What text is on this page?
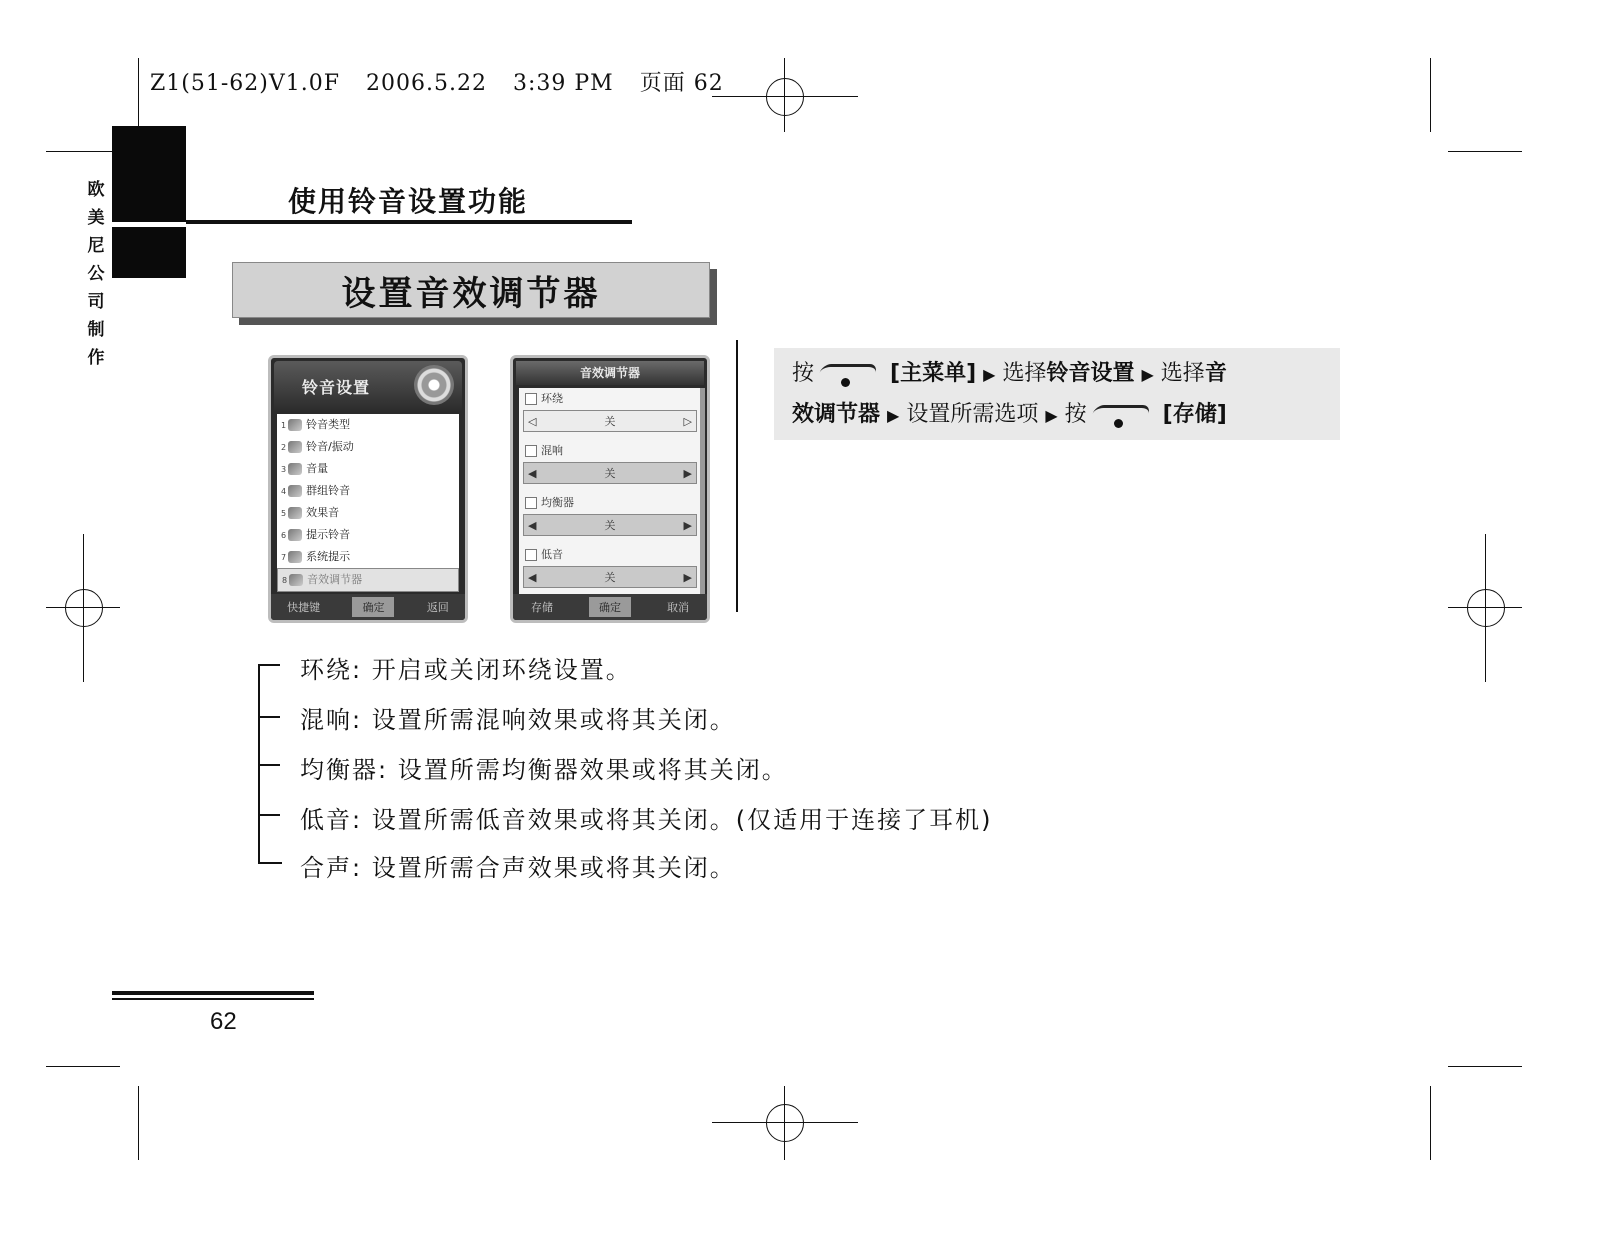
Z1(51-62)V1.0F 2006.5.22 3:39 PM 页面 62
欧美尼公司制作
使用铃音设置功能
设置音效调节器
铃音设置
1 铃音类型
2 铃音/振动
3 音量
4 群组铃音
5 效果音
6 提示铃音
7 系统提示
8 音效调节器
快捷键	确定	返回
音效调节器
环绕
◁	关	▷
混响
◀	关	▶
均衡器
◀	关	▶
低音
◀	关	▶
存储	确定	取消
按	[主菜单] ▶ 选择铃音设置 ▶ 选择音
效调节器 ▶ 设置所需选项 ▶ 按	[存储]
环绕: 开启或关闭环绕设置。
混响: 设置所需混响效果或将其关闭。
均衡器: 设置所需均衡器效果或将其关闭。
低音: 设置所需低音效果或将其关闭。(仅适用于连接了耳机)
合声: 设置所需合声效果或将其关闭。
62
